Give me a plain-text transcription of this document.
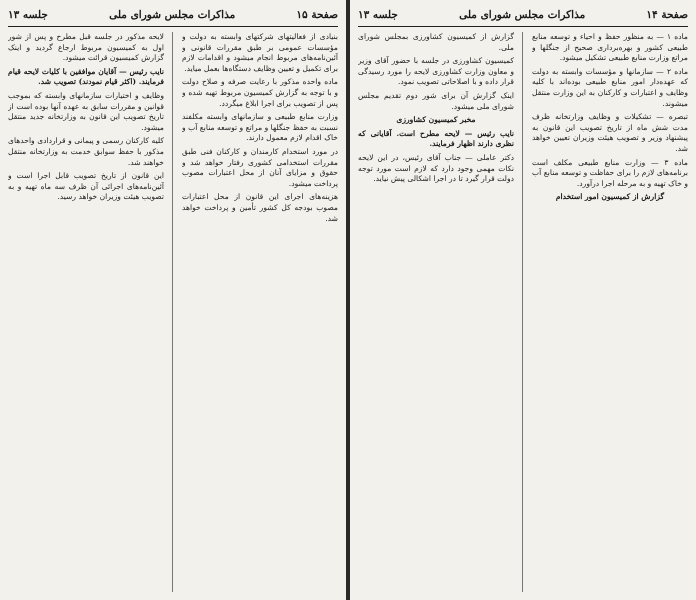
صفحة ۱۵
مذاکرات مجلس شورای ملی
جلسه ۱۳

بنیادی از فعالیتهای شرکتهای وابسته به دولت و مؤسسات عمومی بر طبق مقررات قانونی و آئین‌نامه‌های مربوط انجام میشود و اقدامات لازم برای تکمیل و تعیین وظایف دستگاه‌ها بعمل میاید.

ماده واحده مذکور با رعایت صرفه و صلاح دولت و با توجه به گزارش کمیسیون مربوط تهیه شده و پس از تصویب برای اجرا ابلاغ میگردد.

وزارت منابع طبیعی و سازمانهای وابسته مکلفند نسبت به حفظ جنگلها و مراتع و توسعه منابع آب و خاک اقدام لازم معمول دارند.

در مورد استخدام کارمندان و کارکنان فنی طبق مقررات استخدامی کشوری رفتار خواهد شد و حقوق و مزایای آنان از محل اعتبارات مصوب پرداخت میشود.

هزینه‌های اجرای این قانون از محل اعتبارات مصوب بودجه کل کشور تأمین و پرداخت خواهد شد.

لایحه مذکور در جلسه قبل مطرح و پس از شور اول به کمیسیون مربوط ارجاع گردید و اینک گزارش کمیسیون قرائت میشود.

نایب رئیس — آقایان موافقین با کلیات لایحه قیام فرمایند. (اکثر قیام نمودند) تصویب شد.

وظایف و اختیارات سازمانهای وابسته که بموجب قوانین و مقررات سابق به عهده آنها بوده است از تاریخ تصویب این قانون به وزارتخانه جدید منتقل میشود.

کلیه کارکنان رسمی و پیمانی و قراردادی واحدهای مذکور با حفظ سوابق خدمت به وزارتخانه منتقل خواهند شد.

این قانون از تاریخ تصویب قابل اجرا است و آئین‌نامه‌های اجرائی آن ظرف سه ماه تهیه و به تصویب هیئت وزیران خواهد رسید.

صفحة ۱۴
مذاکرات مجلس شورای ملی
جلسه ۱۳

ماده ۱ — به منظور حفظ و احیاء و توسعه منابع طبیعی کشور و بهره‌برداری صحیح از جنگلها و مراتع وزارت منابع طبیعی تشکیل میشود.

ماده ۲ — سازمانها و مؤسسات وابسته به دولت که عهده‌دار امور منابع طبیعی بوده‌اند با کلیه وظایف و اعتبارات و کارکنان به این وزارت منتقل میشوند.

تبصره — تشکیلات و وظایف وزارتخانه ظرف مدت شش ماه از تاریخ تصویب این قانون به پیشنهاد وزیر و تصویب هیئت وزیران تعیین خواهد شد.

ماده ۳ — وزارت منابع طبیعی مکلف است برنامه‌های لازم را برای حفاظت و توسعه منابع آب و خاک تهیه و به مرحله اجرا درآورد.

گزارش از کمیسیون امور استخدام

گزارش از کمیسیون کشاورزی بمجلس شورای ملی.

کمیسیون کشاورزی در جلسه با حضور آقای وزیر و معاون وزارت کشاورزی لایحه را مورد رسیدگی قرار داده و با اصلاحاتی تصویب نمود.

اینک گزارش آن برای شور دوم تقدیم مجلس شورای ملی میشود.

مخبر کمیسیون کشاورزی

نایب رئیس — لایحه مطرح است. آقایانی که نظری دارند اظهار فرمایند.

دکتر عاملی — جناب آقای رئیس، در این لایحه نکات مهمی وجود دارد که لازم است مورد توجه دولت قرار گیرد تا در اجرا اشکالی پیش نیاید.
